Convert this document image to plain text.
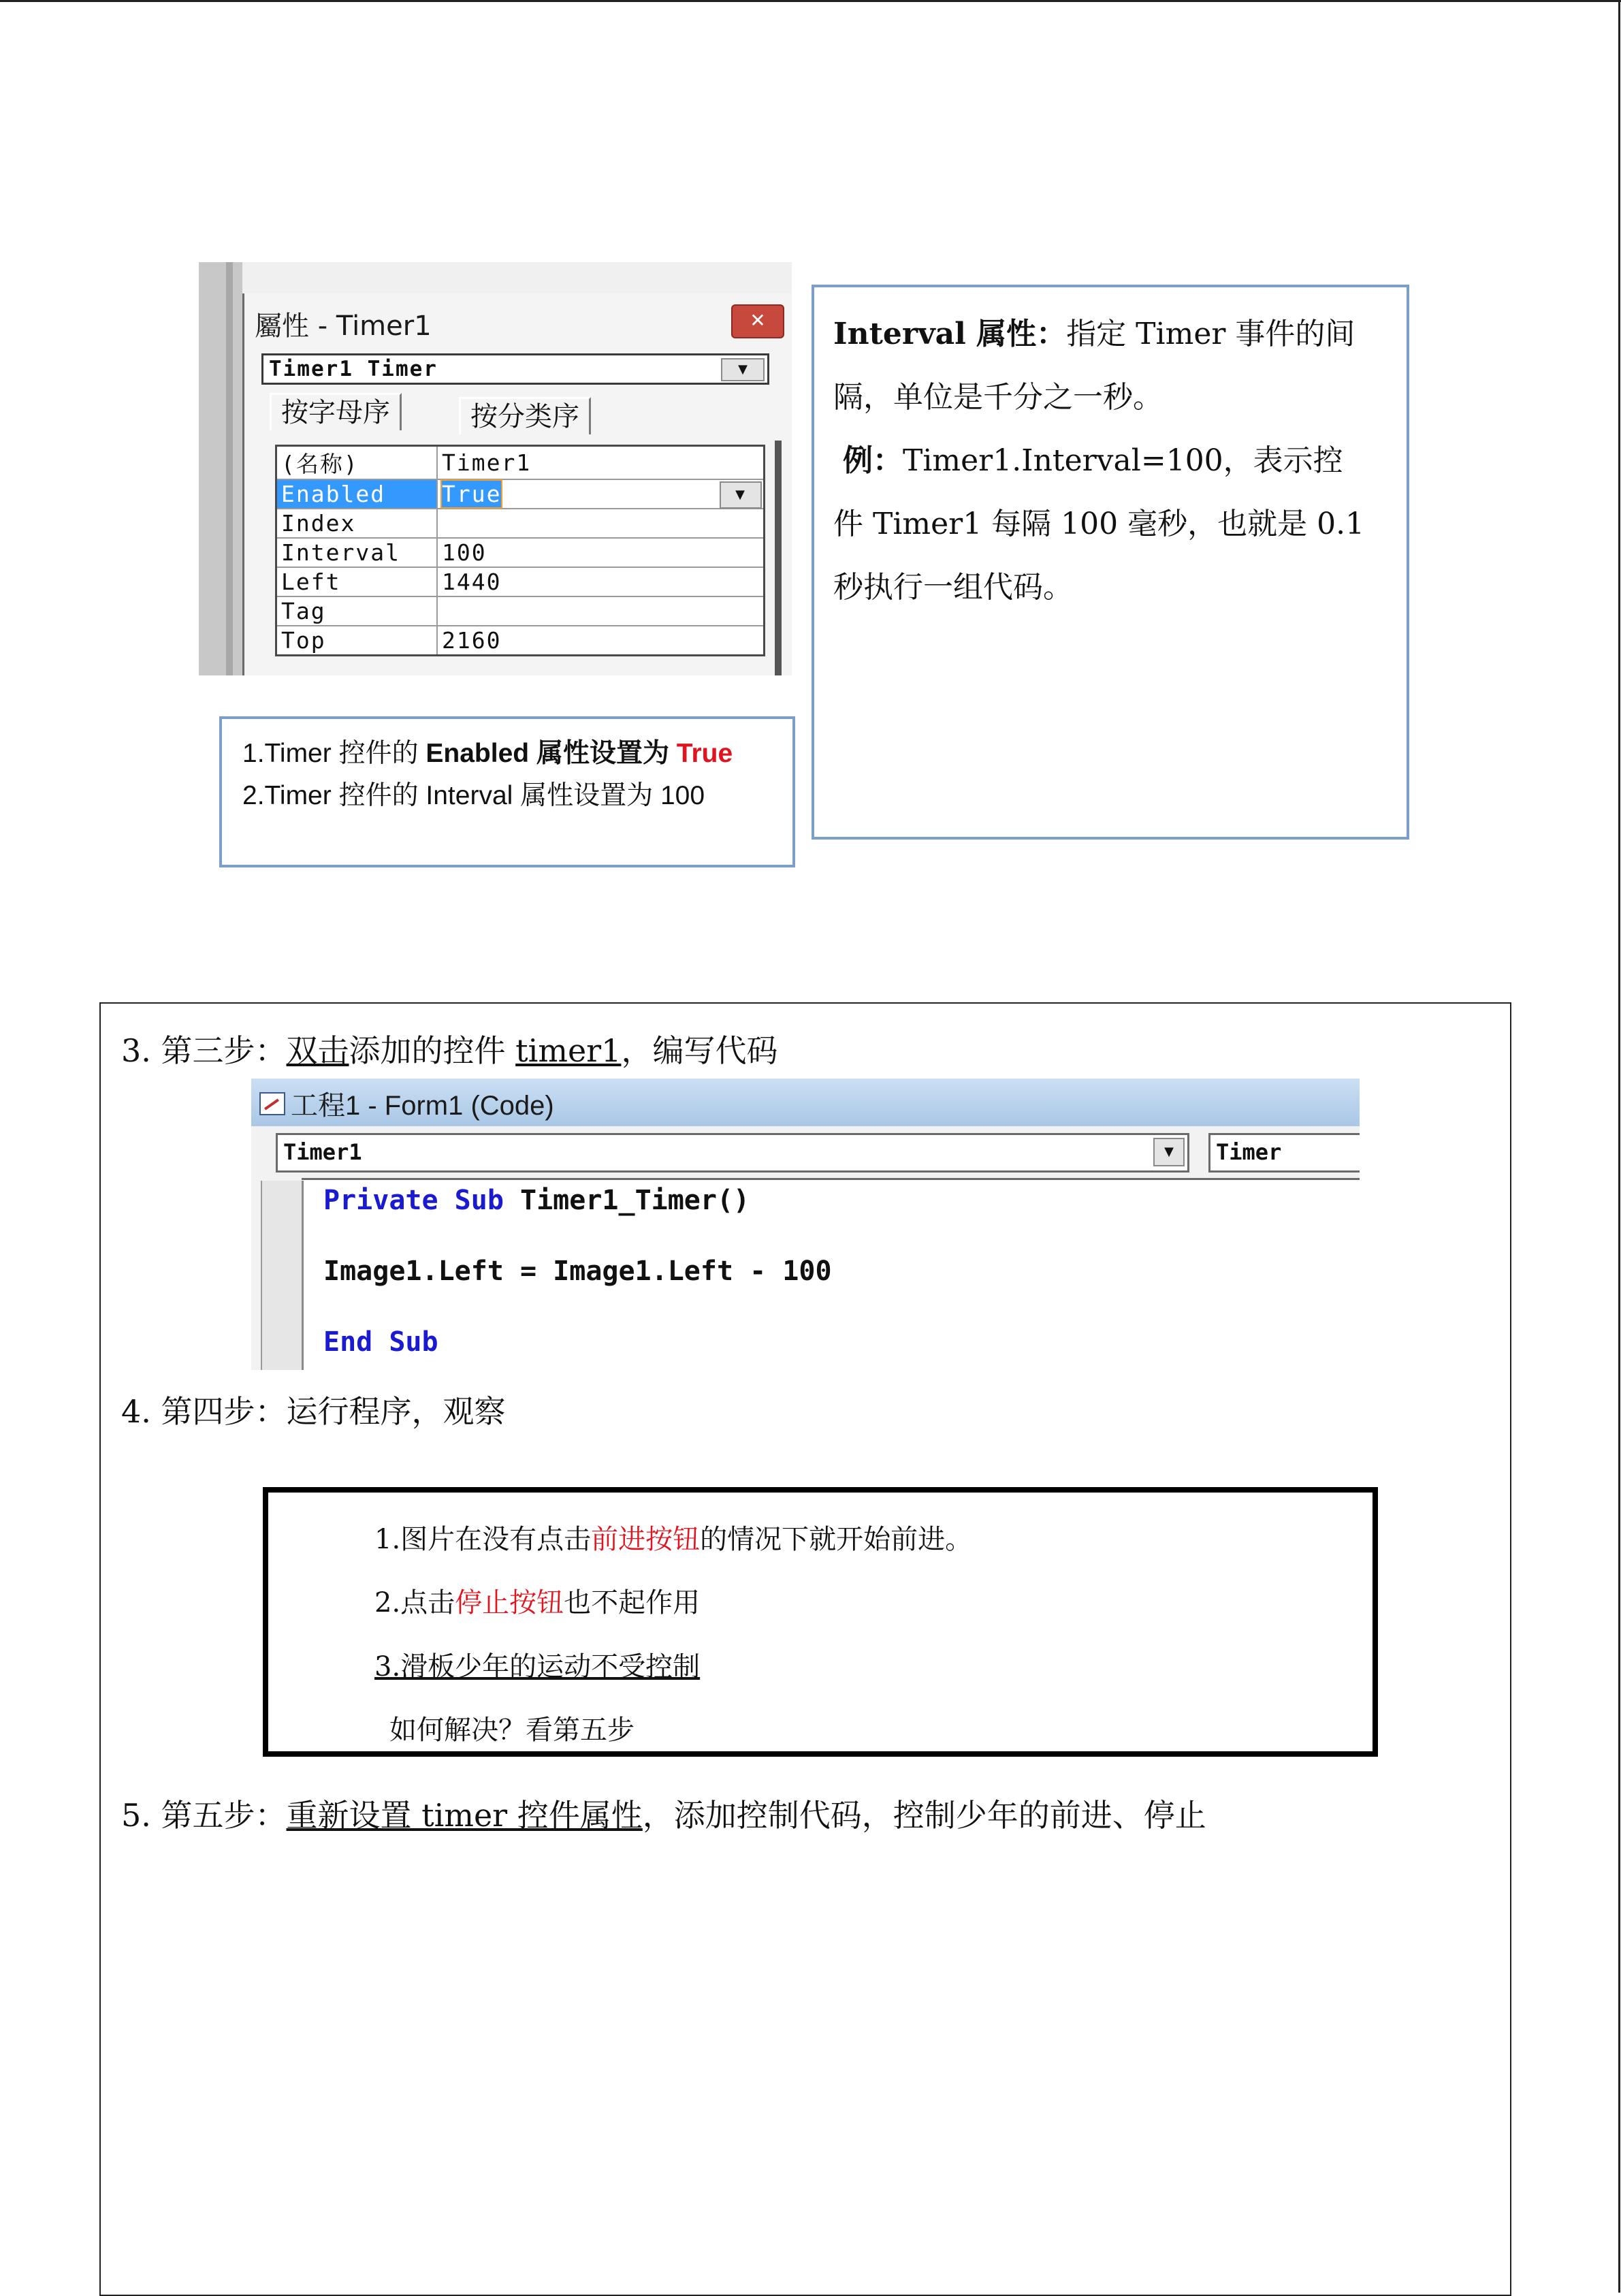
屬性 - Timer1	✕
Timer1 Timer	▼
按字母序	按分类序
(名称)	Timer1
Enabled	True ▼

Index	
Interval	100
Left	1440
Tag	
Top	2160

Interval 属性：指定 Timer 事件的间

隔，单位是千分之一秒。

例：Timer1.Interval=100，表示控

件 Timer1 每隔 100 毫秒，也就是 0.1

秒执行一组代码。

1.Timer 控件的 Enabled 属性设置为 True
2.Timer 控件的 Interval 属性设置为 100
3. 第三步：双击添加的控件 timer1，编写代码
工程1 - Form1 (Code)
Timer1	▼	Timer
Private Sub Timer1_Timer()
Image1.Left = Image1.Left - 100
End Sub
4. 第四步：运行程序，观察
1.图片在没有点击前进按钮的情况下就开始前进。
2.点击停止按钮也不起作用
3.滑板少年的运动不受控制
如何解决？看第五步
5. 第五步：重新设置 timer 控件属性，添加控制代码，控制少年的前进、停止
